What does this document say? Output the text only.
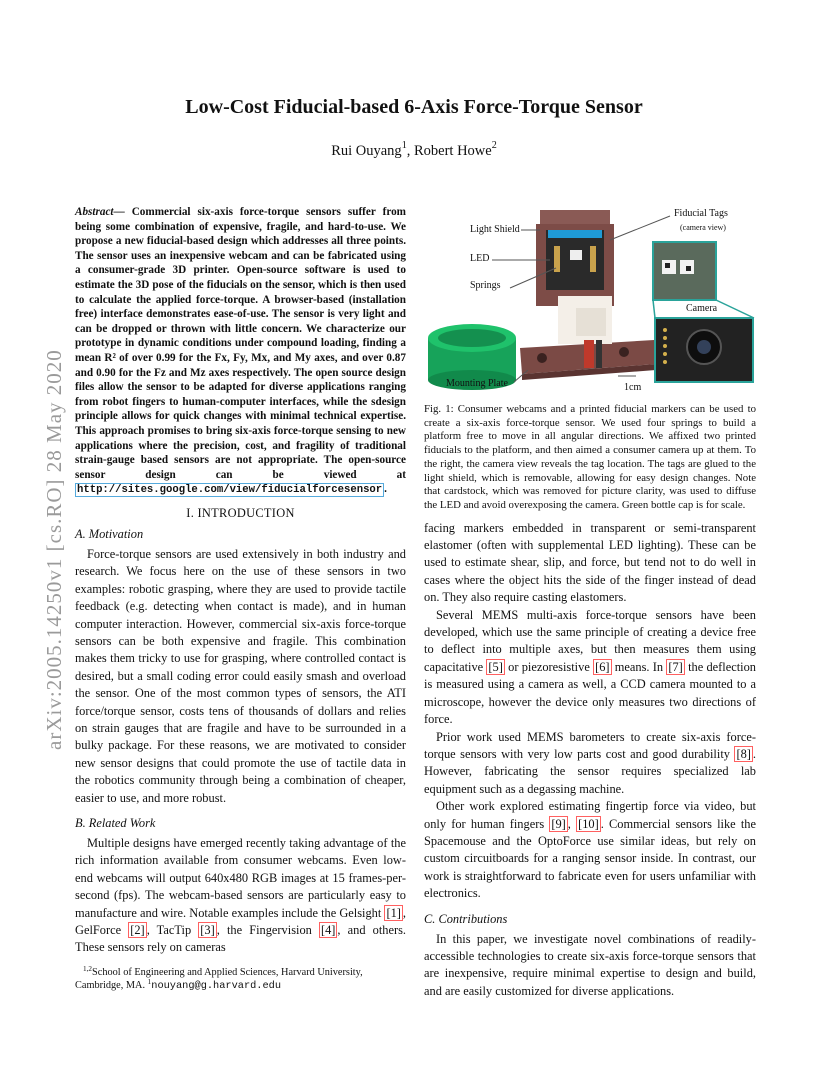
arXiv:2005.14250v1 [cs.RO] 28 May 2020
Low-Cost Fiducial-based 6-Axis Force-Torque Sensor
Rui Ouyang$^1$, Robert Howe$^2$

Abstract— Commercial six-axis force-torque sensors suffer from being some combination of expensive, fragile, and hard-to-use. We propose a new fiducial-based design which addresses all three points. The sensor uses an inexpensive webcam and can be fabricated using a consumer-grade 3D printer. Open-source software is used to estimate the 3D pose of the fiducials on the sensor, which is then used to calculate the applied force-torque. A browser-based (installation free) interface demonstrates ease-of-use. The sensor is very light and can be dropped or thrown with little concern. We characterize our prototype in dynamic conditions under compound loading, finding a mean R² of over 0.99 for the Fx, Fy, Mx, and My axes, and over 0.87 and 0.90 for the Fz and Mz axes respectively. The open source design files allow the sensor to be adapted for diverse applications ranging from robot fingers to human-computer interfaces, while the sdesign principle allows for quick changes with minimal technical expertise. This approach promises to bring six-axis force-torque sensing to new applications where the precision, cost, and fragility of traditional strain-gauge based sensors are not appropriate. The open-source sensor design can be viewed at http://sites.google.com/view/fiducialforcesensor .

I. INTRODUCTION
A. Motivation

Force-torque sensors are used extensively in both industry and research. We focus here on the use of these sensors in two examples: robotic grasping, where they are used to provide tactile feedback (e.g. detecting when contact is made), and in human computer interaction. However, commercial six-axis force-torque sensors can be both expensive and fragile. This combination makes them tricky to use for grasping, where controlled contact is desired, but a small coding error could easily smash and overload the sensor. One of the most common types of sensors, the ATI force/torque sensor, costs tens of thousands of dollars and relies on strain gauges that are fragile and have to be surrounded in a bulky package. For these reasons, we are motivated to consider new sensor designs that could promote the use of tactile data in the robotics community through being a combination of cheaper, easier to use, and more robust.

B. Related Work

Multiple designs have emerged recently taking advantage of the rich information available from consumer webcams. Even low-end webcams will output 640x480 RGB images at 15 frames-per-second (fps). The webcam-based sensors are particularly easy to manufacture and wire. Notable examples include the Gelsight [1] , GelForce [2] , TacTip [3] , the Fingervision [4] , and others. These sensors rely on cameras

$^{1,2}$School of Engineering and Applied Sciences, Harvard University, Cambridge, MA. $^1$nouyang@g.harvard.edu
Light Shield
LED
Springs
Mounting Plate
Fiducial Tags
(camera view)
Camera
1cm

Fig. 1: Consumer webcams and a printed fiducial markers can be used to create a six-axis force-torque sensor. We used four springs to build a platform free to move in all angular directions. We affixed two printed fiducials to the platform, and then aimed a consumer camera up at them. To the right, the camera view reveals the tag location. The tags are glued to the light shield, which is removable, allowing for easy design changes. Note that cardstock, which was removed for picture clarity, was used to diffuse the LED and avoid overexposing the camera. Green bottle cap is for scale.

facing markers embedded in transparent or semi-transparent elastomer (often with supplemental LED lighting). These can be used to estimate shear, slip, and force, but tend not to do well in cases where the object hits the side of the finger instead of dead on. They also require casting elastomers.

Several MEMS multi-axis force-torque sensors have been developed, which use the same principle of creating a device free to deflect into multiple axes, but then measures them using capacitative [5] or piezoresistive [6] means. In [7] the deflection is measured using a camera as well, a CCD camera mounted to a microscope, however the device only measures two directions of force.

Prior work used MEMS barometers to create six-axis force-torque sensors with very low parts cost and good durability [8] . However, fabricating the sensor requires specialized lab equipment such as a degassing machine.

Other work explored estimating fingertip force via video, but only for human fingers [9] , [10] . Commercial sensors like the Spacemouse and the OptoForce use similar ideas, but rely on custom circuitboards for a ranging sensor inside. In contrast, our work is straightforward to fabricate even for users unfamiliar with electronics.

C. Contributions

In this paper, we investigate novel combinations of readily-accessible technologies to create six-axis force-torque sensors that are inexpensive, require minimal expertise to design and build, and are easily customized for diverse applications.
